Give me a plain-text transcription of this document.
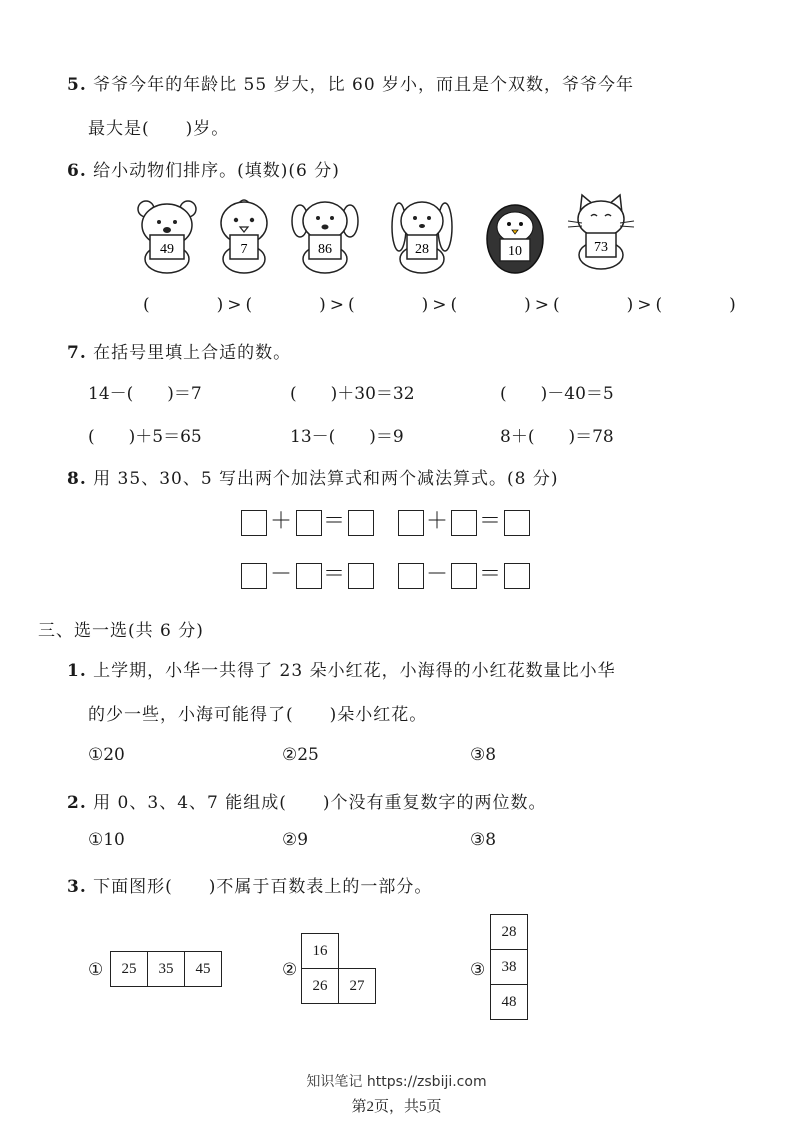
5. 爷爷今年的年龄比 55 岁大，比 60 岁小，而且是个双数，爷爷今年
最大是(　　)岁。
6. 给小动物们排序。(填数)(6 分)
49	7	86	28	10	73
(　　　)>(　　　)>(　　　)>(　　　)>(　　　)>(　　　)
7. 在括号里填上合适的数。
14－(　　)＝7	(　　)＋30＝32	(　　)－40＝5
(　　)＋5＝65	13－(　　)＝9	8＋(　　)＝78
8. 用 35、30、5 写出两个加法算式和两个减法算式。(8 分)
＋ ＝	＋ ＝
－ ＝	－ ＝
三、选一选(共 6 分)
1. 上学期，小华一共得了 23 朵小红花，小海得的小红花数量比小华
的少一些，小海可能得了(　　)朵小红花。
①20	②25	③8
2. 用 0、3、4、7 能组成(　　)个没有重复数字的两位数。
①10	②9	③8
3. 下面图形(　　)不属于百数表上的一部分。
① 25	35	45	②
16	
26	27
③
28
38
48
知识笔记 https://zsbiji.com
第2页，共5页
